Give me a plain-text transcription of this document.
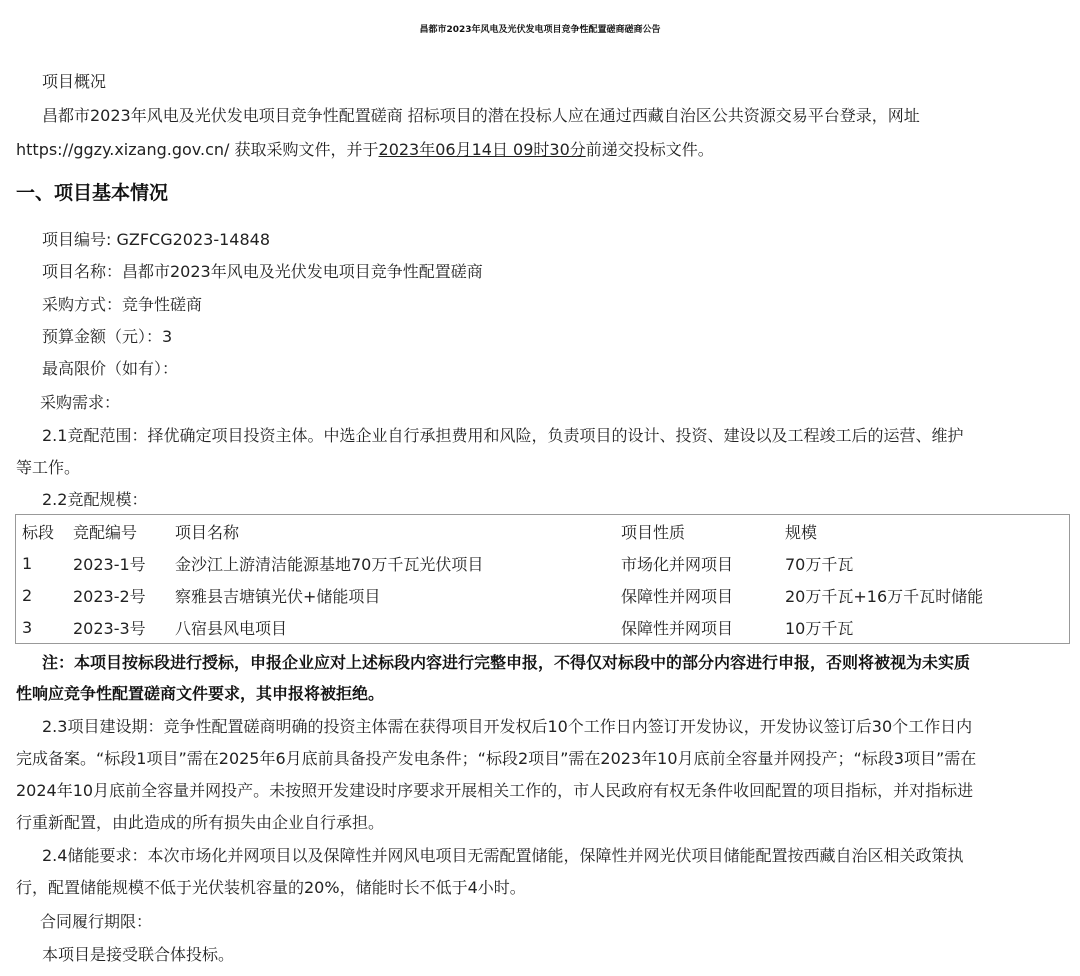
昌都市2023年风电及光伏发电项目竞争性配置磋商磋商公告
项目概况
昌都市2023年风电及光伏发电项目竞争性配置磋商 招标项目的潜在投标人应在通过西藏自治区公共资源交易平台登录，网址
https://ggzy.xizang.gov.cn/ 获取采购文件，并于2023年06月14日 09时30分前递交投标文件。
一、项目基本情况
项目编号: GZFCG2023-14848
项目名称：昌都市2023年风电及光伏发电项目竞争性配置磋商
采购方式：竞争性磋商
预算金额（元）：3
最高限价（如有）：
采购需求：
2.1竞配范围：择优确定项目投资主体。中选企业自行承担费用和风险，负责项目的设计、投资、建设以及工程竣工后的运营、维护
等工作。
2.2竞配规模：
标段	竞配编号	项目名称	项目性质	规模
1	2023-1号	金沙江上游清洁能源基地70万千瓦光伏项目	市场化并网项目	70万千瓦
2	2023-2号	察雅县吉塘镇光伏+储能项目	保障性并网项目	20万千瓦+16万千瓦时储能
3	2023-3号	八宿县风电项目	保障性并网项目	10万千瓦
注：本项目按标段进行授标，申报企业应对上述标段内容进行完整申报，不得仅对标段中的部分内容进行申报，否则将被视为未实质
性响应竞争性配置磋商文件要求，其申报将被拒绝。
2.3项目建设期：竞争性配置磋商明确的投资主体需在获得项目开发权后10个工作日内签订开发协议，开发协议签订后30个工作日内
完成备案。“标段1项目”需在2025年6月底前具备投产发电条件；“标段2项目”需在2023年10月底前全容量并网投产；“标段3项目”需在
2024年10月底前全容量并网投产。未按照开发建设时序要求开展相关工作的，市人民政府有权无条件收回配置的项目指标，并对指标进
行重新配置，由此造成的所有损失由企业自行承担。
2.4储能要求：本次市场化并网项目以及保障性并网风电项目无需配置储能，保障性并网光伏项目储能配置按西藏自治区相关政策执
行，配置储能规模不低于光伏装机容量的20%，储能时长不低于4小时。
合同履行期限：
本项目是接受联合体投标。
